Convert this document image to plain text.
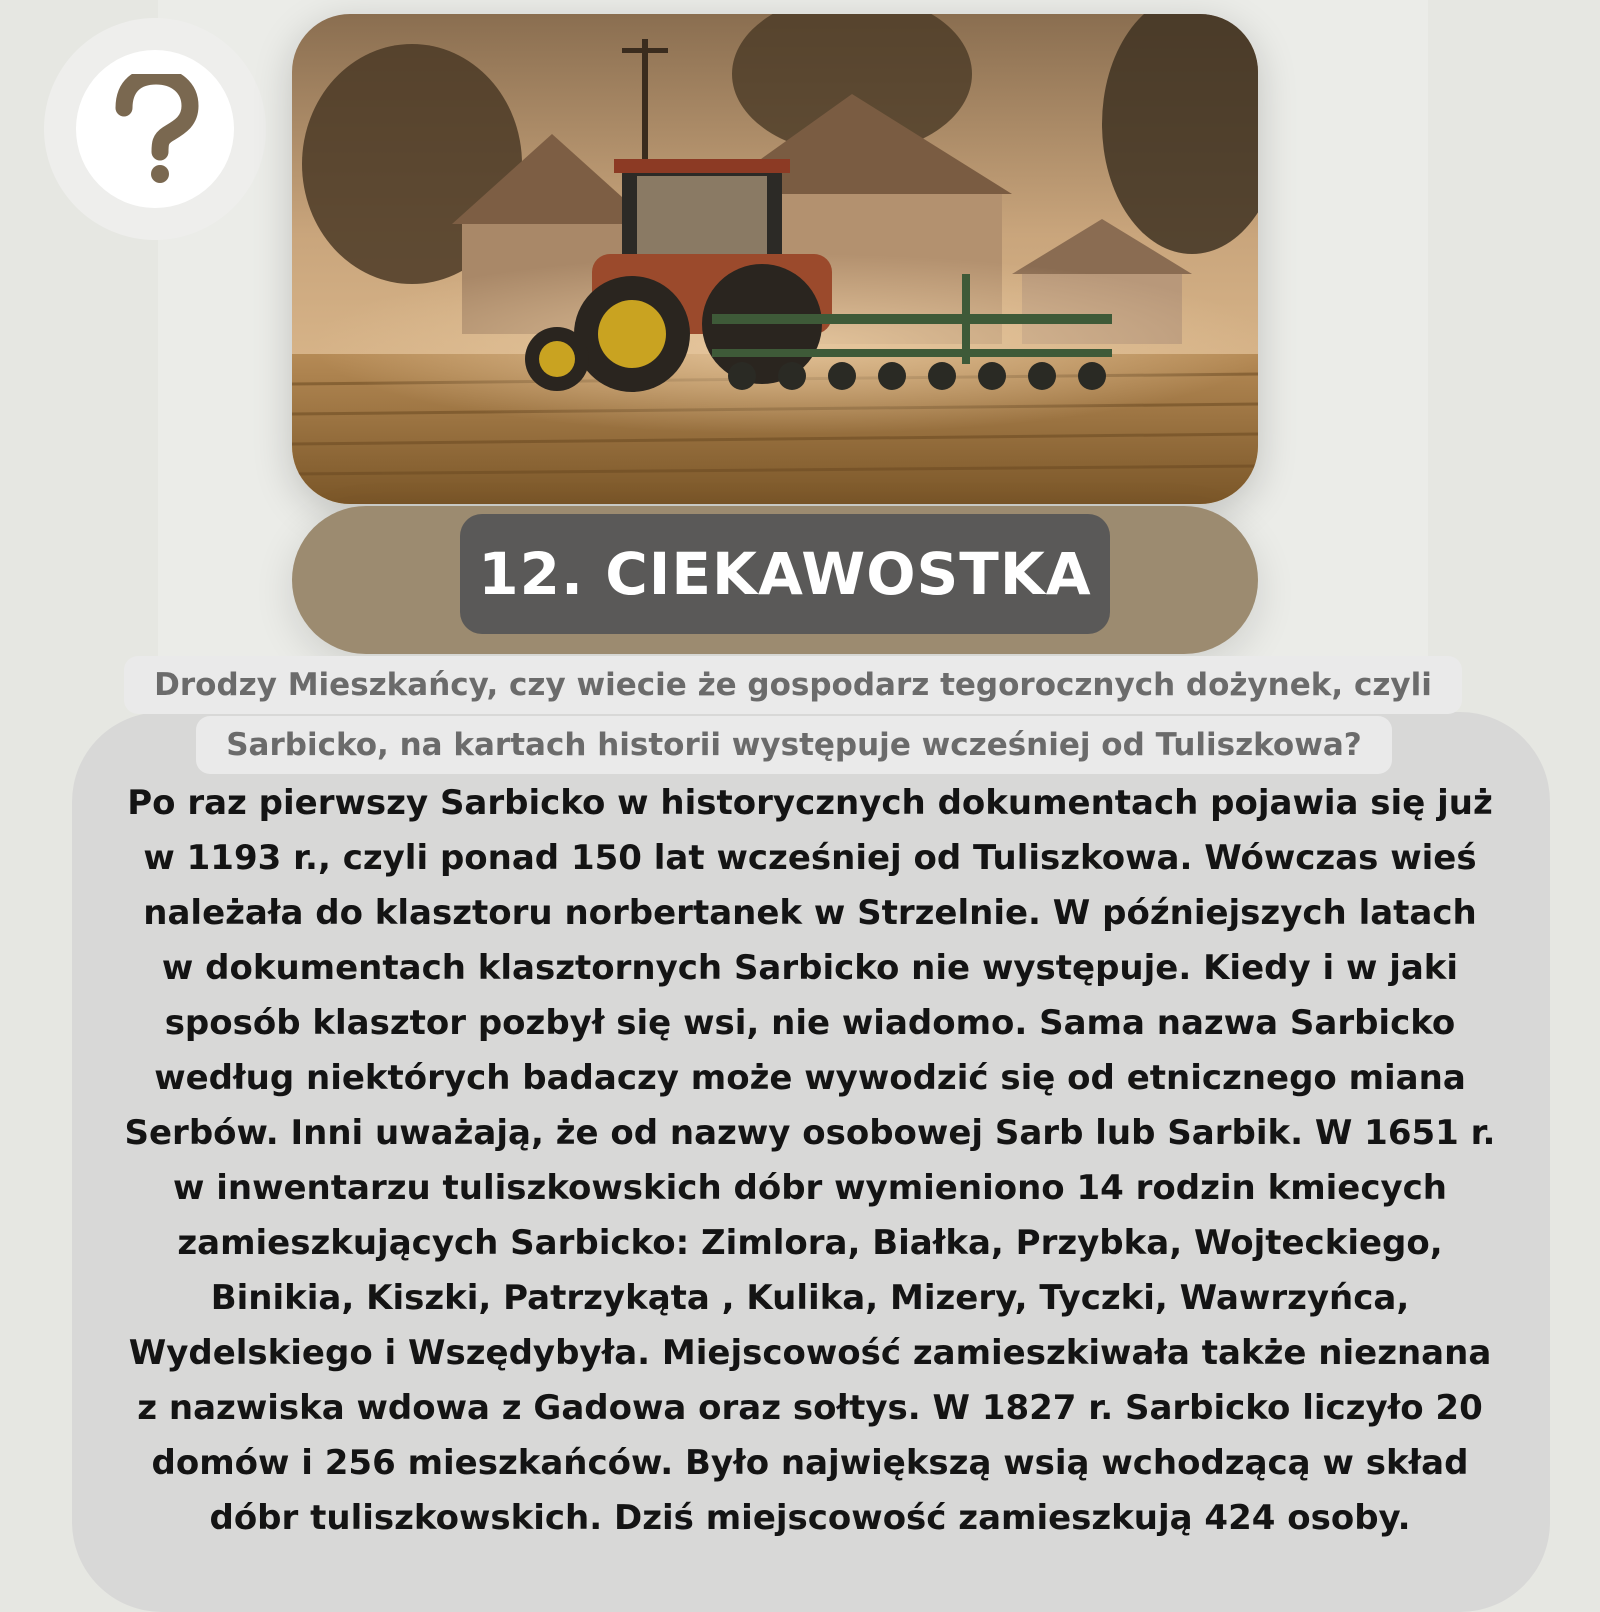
12. CIEKAWOSTKA
Drodzy Mieszkańcy, czy wiecie że gospodarz tegorocznych dożynek, czyli
Sarbicko, na kartach historii występuje wcześniej od Tuliszkowa?

Po raz pierwszy Sarbicko w historycznych dokumentach pojawia się już
w 1193 r., czyli ponad 150 lat wcześniej od Tuliszkowa. Wówczas wieś
należała do klasztoru norbertanek w Strzelnie. W późniejszych latach
w dokumentach klasztornych Sarbicko nie występuje. Kiedy i w jaki
sposób klasztor pozbył się wsi, nie wiadomo. Sama nazwa Sarbicko
według niektórych badaczy może wywodzić się od etnicznego miana
Serbów. Inni uważają, że od nazwy osobowej Sarb lub Sarbik. W 1651 r.
w inwentarzu tuliszkowskich dóbr wymieniono 14 rodzin kmiecych
zamieszkujących Sarbicko: Zimlora, Białka, Przybka, Wojteckiego,
Binikia, Kiszki, Patrzykąta , Kulika, Mizery, Tyczki, Wawrzyńca,
Wydelskiego i Wszędybyła. Miejscowość zamieszkiwała także nieznana
z nazwiska wdowa z Gadowa oraz sołtys. W 1827 r. Sarbicko liczyło 20
domów i 256 mieszkańców. Było największą wsią wchodzącą w skład
dóbr tuliszkowskich. Dziś miejscowość zamieszkują 424 osoby.
